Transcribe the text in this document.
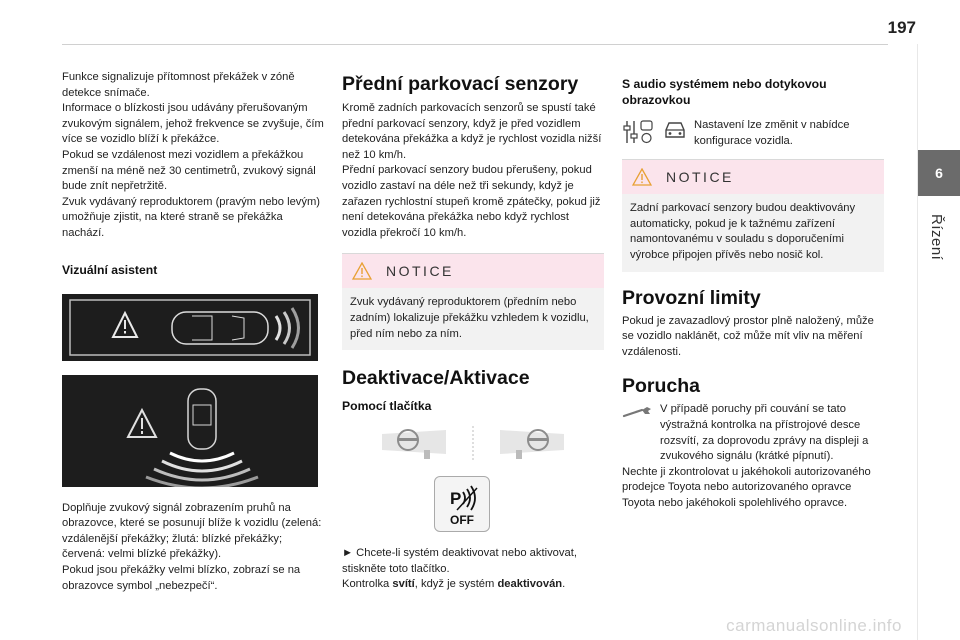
197
6
Řízení

Funkce signalizuje přítomnost překážek v zóně detekce snímače.
Informace o blízkosti jsou udávány přerušovaným zvukovým signálem, jehož frekvence se zvyšuje, čím více se vozidlo blíží k překážce.
Pokud se vzdálenost mezi vozidlem a překážkou zmenší na méně než 30 centimetrů, zvukový signál bude znít nepřetržitě.
Zvuk vydávaný reproduktorem (pravým nebo levým) umožňuje zjistit, na které straně se překážka nachází.

Vizuální asistent

Doplňuje zvukový signál zobrazením pruhů na obrazovce, které se posunují blíže k vozidlu (zelená: vzdálenější překážky; žlutá: blízké překážky; červená: velmi blízké překážky).
Pokud jsou překážky velmi blízko, zobrazí se na obrazovce symbol „nebezpečí“.

Přední parkovací senzory

Kromě zadních parkovacích senzorů se spustí také přední parkovací senzory, když je před vozidlem detekována překážka a když je rychlost vozidla nižší než 10 km/h.
Přední parkovací senzory budou přerušeny, pokud vozidlo zastaví na déle než tři sekundy, když je zařazen rychlostní stupeň kromě zpátečky, pokud již není detekována překážka nebo když rychlost vozidla překročí 10 km/h.

NOTICE

Zvuk vydávaný reproduktorem (předním nebo zadním) lokalizuje překážku vzhledem k vozidlu, před ním nebo za ním.

Deaktivace/Aktivace
Pomocí tlačítka
P
OFF

► Chcete-li systém deaktivovat nebo aktivovat, stiskněte toto tlačítko.

Kontrolka svítí, když je systém deaktivován.

S audio systémem nebo dotykovou obrazovkou

Nastavení lze změnit v nabídce konfigurace vozidla.

NOTICE

Zadní parkovací senzory budou deaktivovány automaticky, pokud je k tažnému zařízení namontovanému v souladu s doporučeními výrobce připojen přívěs nebo nosič kol.

Provozní limity

Pokud je zavazadlový prostor plně naložený, může se vozidlo naklánět, což může mít vliv na měření vzdálenosti.

Porucha

V případě poruchy při couvání se tato výstražná kontrolka na přístrojové desce rozsvítí, za doprovodu zprávy na displeji a zvukového signálu (krátké pípnutí).

Nechte ji zkontrolovat u jakéhokoli autorizovaného prodejce Toyota nebo autorizovaného opravce Toyota nebo jakéhokoli spolehlivého opravce.

carmanualsonline.info
